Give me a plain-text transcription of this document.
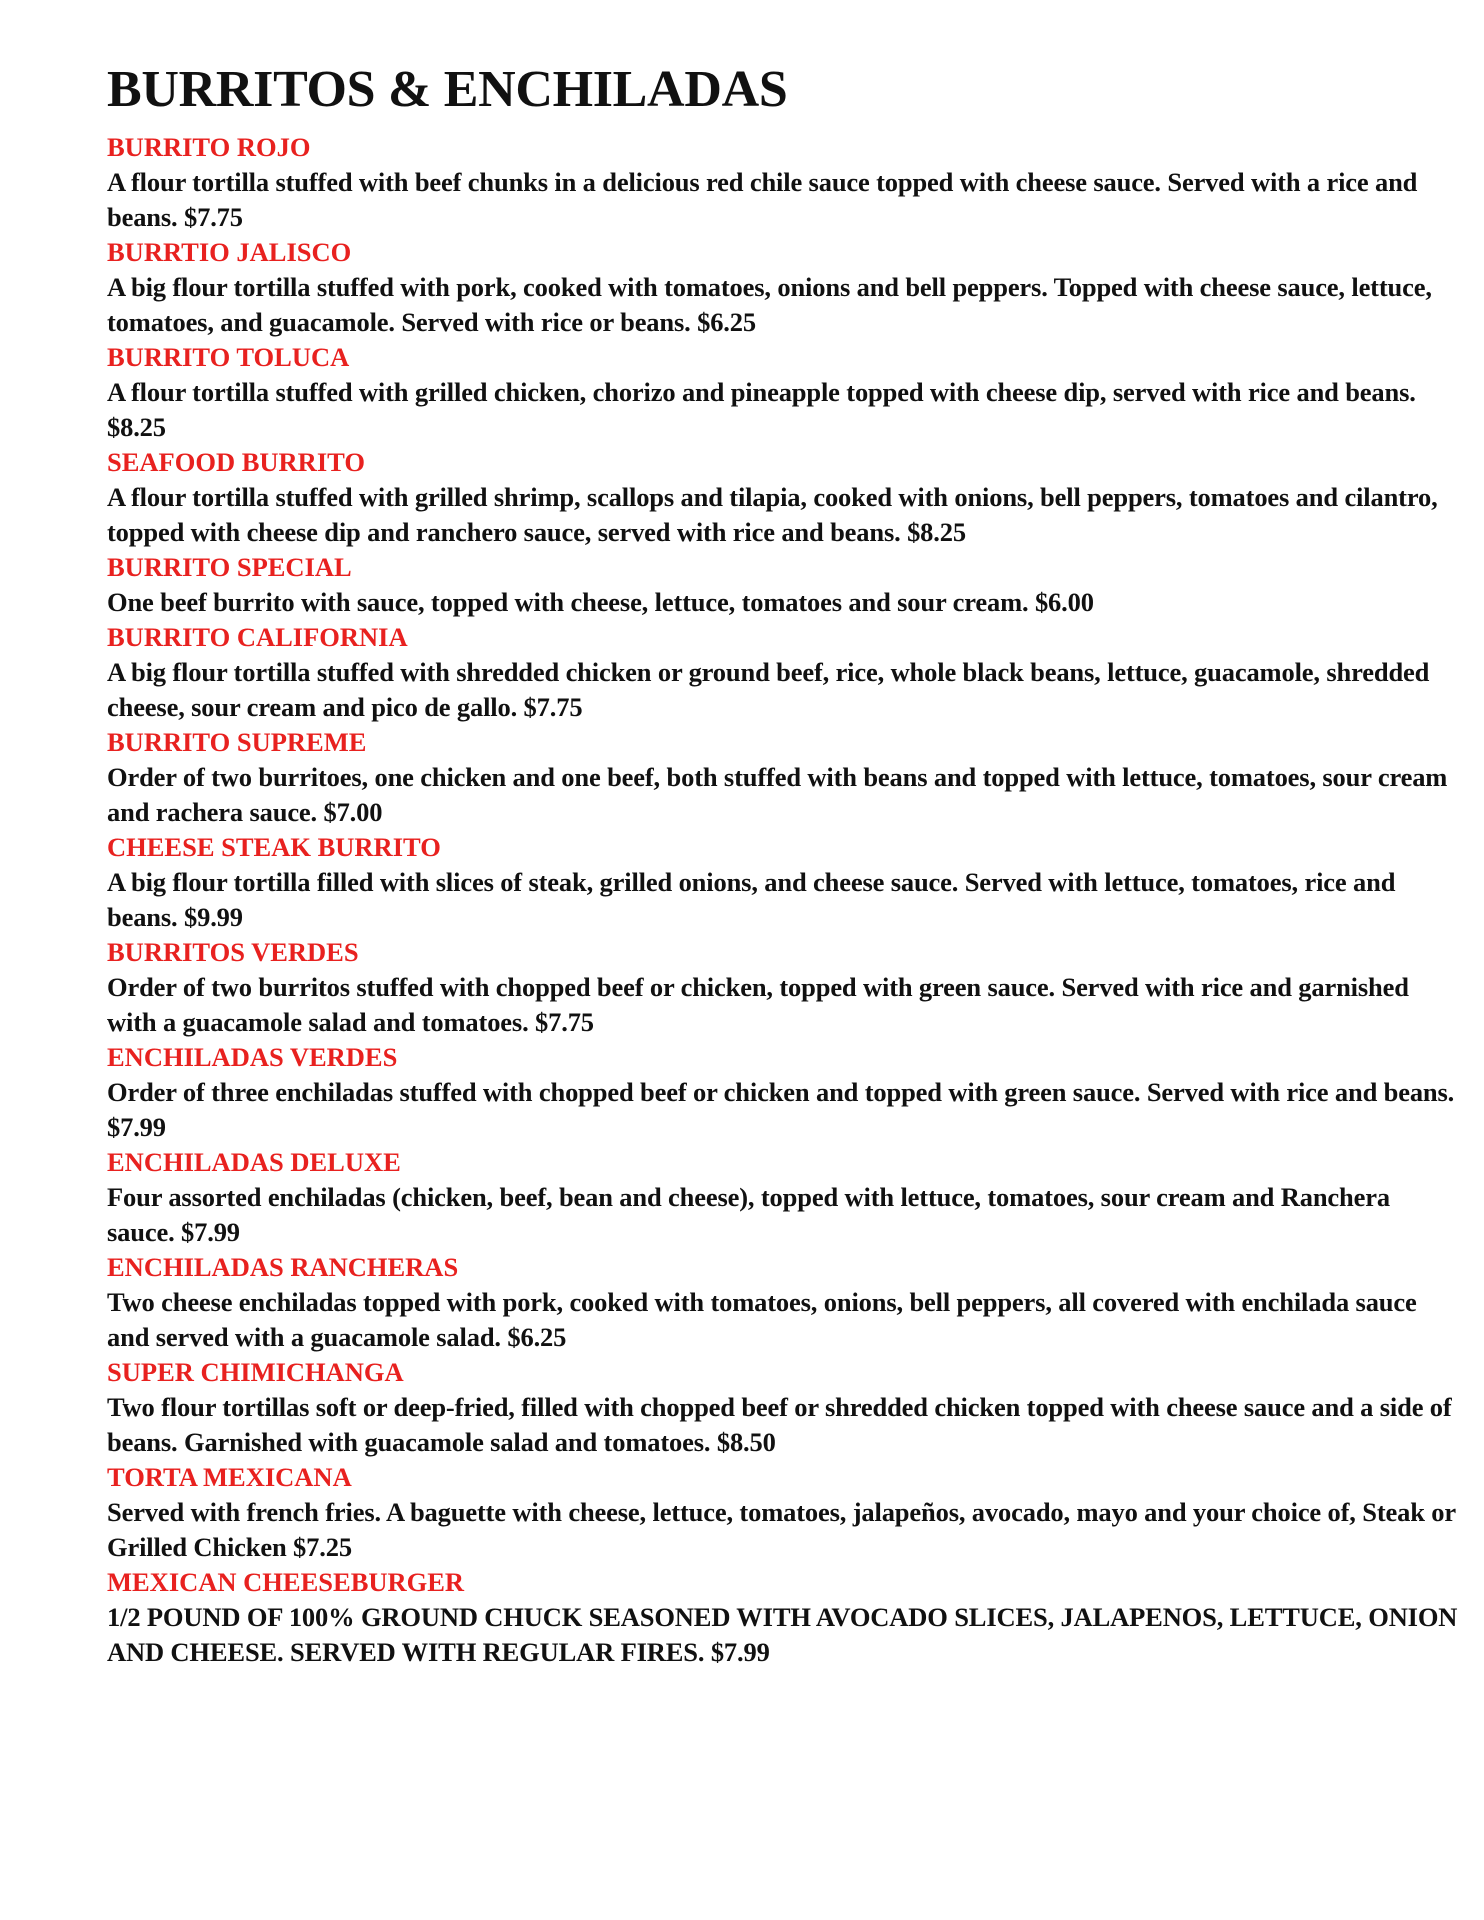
BURRITOS & ENCHILADAS
BURRITO ROJO
A flour tortilla stuffed with beef chunks in a delicious red chile sauce topped with cheese sauce. Served with a rice and beans. $7.75
BURRTIO JALISCO
A big flour tortilla stuffed with pork, cooked with tomatoes, onions and bell peppers. Topped with cheese sauce, lettuce, tomatoes, and guacamole. Served with rice or beans. $6.25
BURRITO TOLUCA
A flour tortilla stuffed with grilled chicken, chorizo and pineapple topped with cheese dip, served with rice and beans. $8.25
SEAFOOD BURRITO
A flour tortilla stuffed with grilled shrimp, scallops and tilapia, cooked with onions, bell peppers, tomatoes and cilantro, topped with cheese dip and ranchero sauce, served with rice and beans. $8.25
BURRITO SPECIAL
One beef burrito with sauce, topped with cheese, lettuce, tomatoes and sour cream. $6.00
BURRITO CALIFORNIA
A big flour tortilla stuffed with shredded chicken or ground beef, rice, whole black beans, lettuce, guacamole, shredded cheese, sour cream and pico de gallo. $7.75
BURRITO SUPREME
Order of two burritoes, one chicken and one beef, both stuffed with beans and topped with lettuce, tomatoes, sour cream and rachera sauce. $7.00
CHEESE STEAK BURRITO
A big flour tortilla filled with slices of steak, grilled onions, and cheese sauce. Served with lettuce, tomatoes, rice and beans. $9.99
BURRITOS VERDES
Order of two burritos stuffed with chopped beef or chicken, topped with green sauce. Served with rice and garnished with a guacamole salad and tomatoes. $7.75
ENCHILADAS VERDES
Order of three enchiladas stuffed with chopped beef or chicken and topped with green sauce. Served with rice and beans. $7.99
ENCHILADAS DELUXE
Four assorted enchiladas (chicken, beef, bean and cheese), topped with lettuce, tomatoes, sour cream and Ranchera sauce. $7.99
ENCHILADAS RANCHERAS
Two cheese enchiladas topped with pork, cooked with tomatoes, onions, bell peppers, all covered with enchilada sauce and served with a guacamole salad. $6.25
SUPER CHIMICHANGA
Two flour tortillas soft or deep-fried, filled with chopped beef or shredded chicken topped with cheese sauce and a side of beans. Garnished with guacamole salad and tomatoes. $8.50
TORTA MEXICANA
Served with french fries. A baguette with cheese, lettuce, tomatoes, jalapeños, avocado, mayo and your choice of, Steak or Grilled Chicken $7.25
MEXICAN CHEESEBURGER
1/2 POUND OF 100% GROUND CHUCK SEASONED WITH AVOCADO SLICES, JALAPENOS, LETTUCE, ONION AND CHEESE. SERVED WITH REGULAR FIRES. $7.99
